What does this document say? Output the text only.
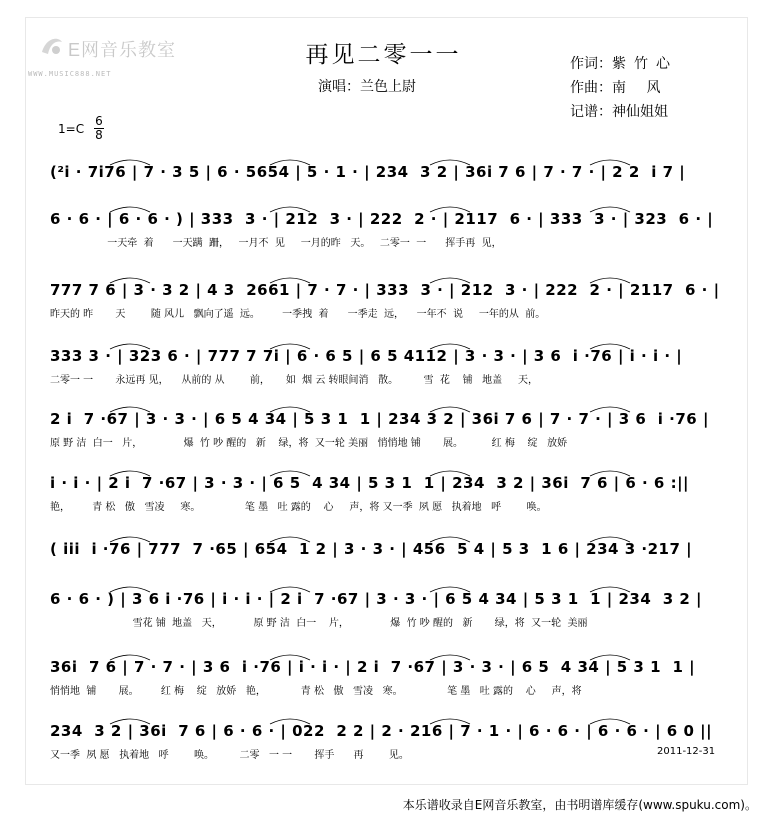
E网音乐教室
WWW.MUSIC888.NET
再见二零一一
演唱：兰色上尉
作词：紫竹心
作曲：南 风
记谱：神仙姐姐
1=C
6
8
(²i · 7i76 | 7 · 3 5 | 6 · 5654 | 5 · 1 · | 234  3 2 | 36i 7 6 | 7 · 7 · | 2 2  i 7 |
6 · 6 · | 6 · 6 · ) | 333  3 · | 212  3 · | 222  2 · | 2117  6 · | 333  3 · | 323  6 · |
一天牵  着      一天蹒  跚，   一月不  见     一月的昨   天。   二零一  一      挥手再  见，
777 7 6 | 3 · 3 2 | 4 3  2661 | 7 · 7 · | 333  3 · | 212  3 · | 222  2 · | 2117  6 · |
昨天的 昨       天        随 风儿   飘向了遥  远。       一季拽  着      一季走  远，    一年不  说     一年的从  前。
333 3 · | 323 6 · | 777 7 7i | 6 · 6 5 | 6 5 4112 | 3 · 3 · | 3 6  i ·76 | i · i · |
二零一 一       永远再 见，    从前的 从        前，     如  烟 云 转眼间消   散。        雪  花    铺   地盖     天，
2 i  7 ·67 | 3 · 3 · | 6 5 4 34 | 5 3 1  1 | 234 3 2 | 36i 7 6 | 7 · 7 · | 3 6  i ·76 |
原 野 洁  白一   片，             爆  竹 吵 醒的   新    绿，将  又一轮 美丽   悄悄地 铺       展。         红 梅    绽   放娇
i · i · | 2 i  7 ·67 | 3 · 3 · | 6 5  4 34 | 5 3 1  1 | 234  3 2 | 36i  7 6 | 6 · 6 :||
艳，       青 松   傲   雪凌     寒。              笔 墨   吐 露的    心     声，将 又一季  夙 愿   执着地   呼        唤。
( iii  i ·76 | 777  7 ·65 | 654  1 2 | 3 · 3 · | 456  5 4 | 5 3  1 6 | 234 3 ·217 |
6 · 6 · ) | 3 6 i ·76 | i · i · | 2 i  7 ·67 | 3 · 3 · | 6 5 4 34 | 5 3 1  1 | 234  3 2 |
雪花 铺  地盖   天，          原 野 洁  白一    片，             爆  竹 吵 醒的   新       绿，将  又一轮  美丽
36i  7 6 | 7 · 7 · | 3 6  i ·76 | i · i · | 2 i  7 ·67 | 3 · 3 · | 6 5  4 34 | 5 3 1  1 |
悄悄地  铺       展。       红 梅    绽   放娇   艳，           青 松   傲   雪凌   寒。              笔 墨   吐 露的    心     声，将
234  3 2 | 36i  7 6 | 6 · 6 · | 022  2 2 | 2 · 216 | 7 · 1 · | 6 · 6 · | 6 · 6 · | 6 0 ||
又一季  夙 愿   执着地   呼        唤。        二零   一 一       挥手      再        见。	2011-12-31
本乐谱收录自E网音乐教室，由书明谱库缓存(www.spuku.com)。
